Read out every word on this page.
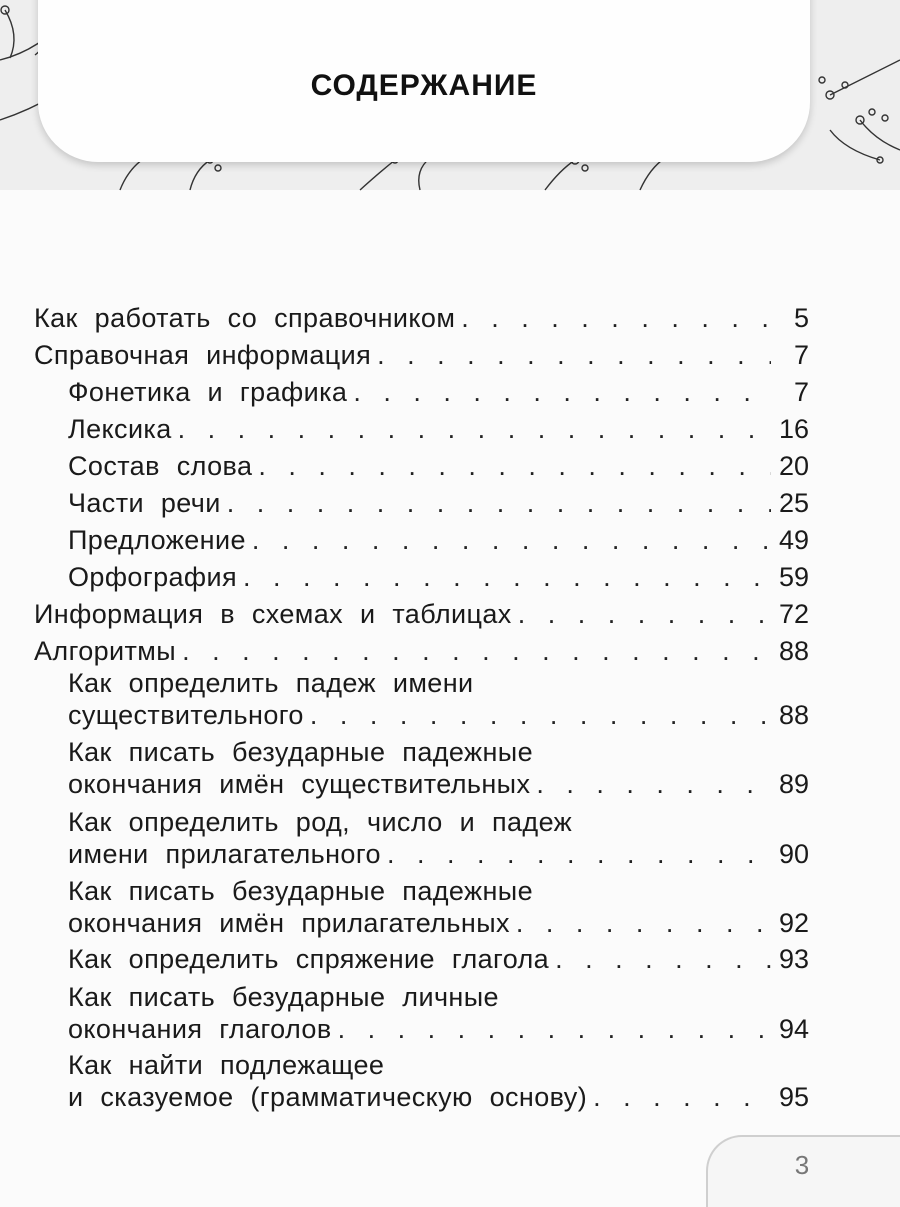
СОДЕРЖАНИЕ
Как работать со справочником . . .	5
Справочная информация . . .	7
Фонетика и графика . . .	7
Лексика . . .	16
Состав слова . . .	20
Части речи . . .	25
Предложение . . .	49
Орфография . . .	59
Информация в схемах и таблицах . . .	72
Алгоритмы . . .	88
Как определить падеж имени
существительного . . .	88
Как писать безударные падежные
окончания имён существительных . . .	89
Как определить род, число и падеж
имени прилагательного . . .	90
Как писать безударные падежные
окончания имён прилагательных . . .	92
Как определить спряжение глагола . . .	93
Как писать безударные личные
окончания глаголов . . .	94
Как найти подлежащее
и сказуемое (грамматическую основу) . . .	95
3
